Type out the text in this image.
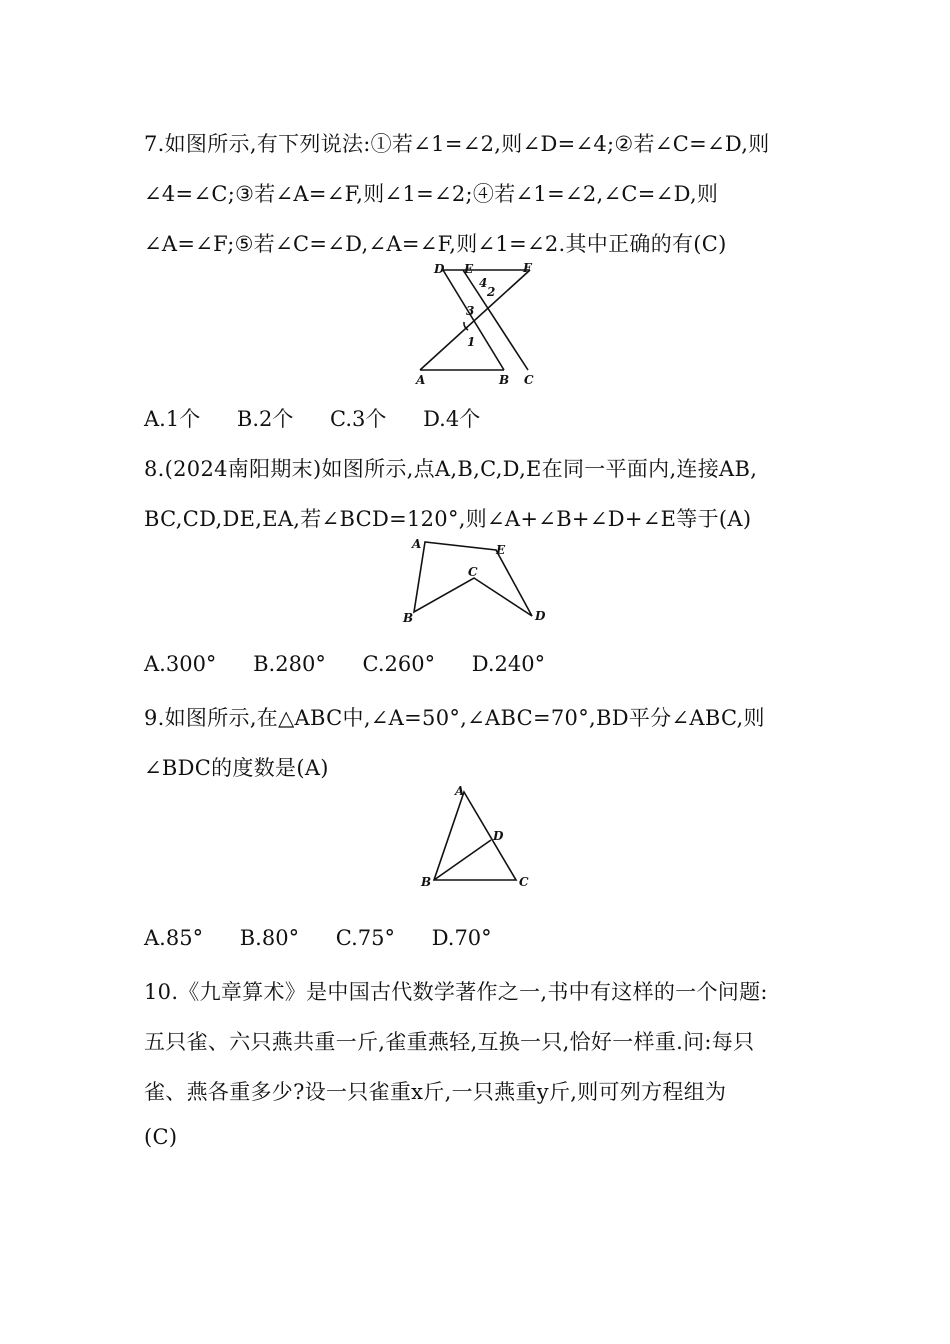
7.如图所示,有下列说法:①若∠1=∠2,则∠D=∠4;②若∠C=∠D,则
∠4=∠C;③若∠A=∠F,则∠1=∠2;④若∠1=∠2,∠C=∠D,则
∠A=∠F;⑤若∠C=∠D,∠A=∠F,则∠1=∠2.其中正确的有(C)
D E	F
4
2
3
1
A	B C
A.1个 B.2个 C.3个 D.4个
8.(2024南阳期末)如图所示,点A,B,C,D,E在同一平面内,连接AB,
BC,CD,DE,EA,若∠BCD=120°,则∠A+∠B+∠D+∠E等于(A)
A	E
C
B	D
A.300° B.280° C.260° D.240°
9.如图所示,在△ABC中,∠A=50°,∠ABC=70°,BD平分∠ABC,则
∠BDC的度数是(A)
A
D
B	C
A.85° B.80° C.75° D.70°
10.《九章算术》是中国古代数学著作之一,书中有这样的一个问题:
五只雀、六只燕共重一斤,雀重燕轻,互换一只,恰好一样重.问:每只
雀、燕各重多少?设一只雀重x斤,一只燕重y斤,则可列方程组为
(C)
